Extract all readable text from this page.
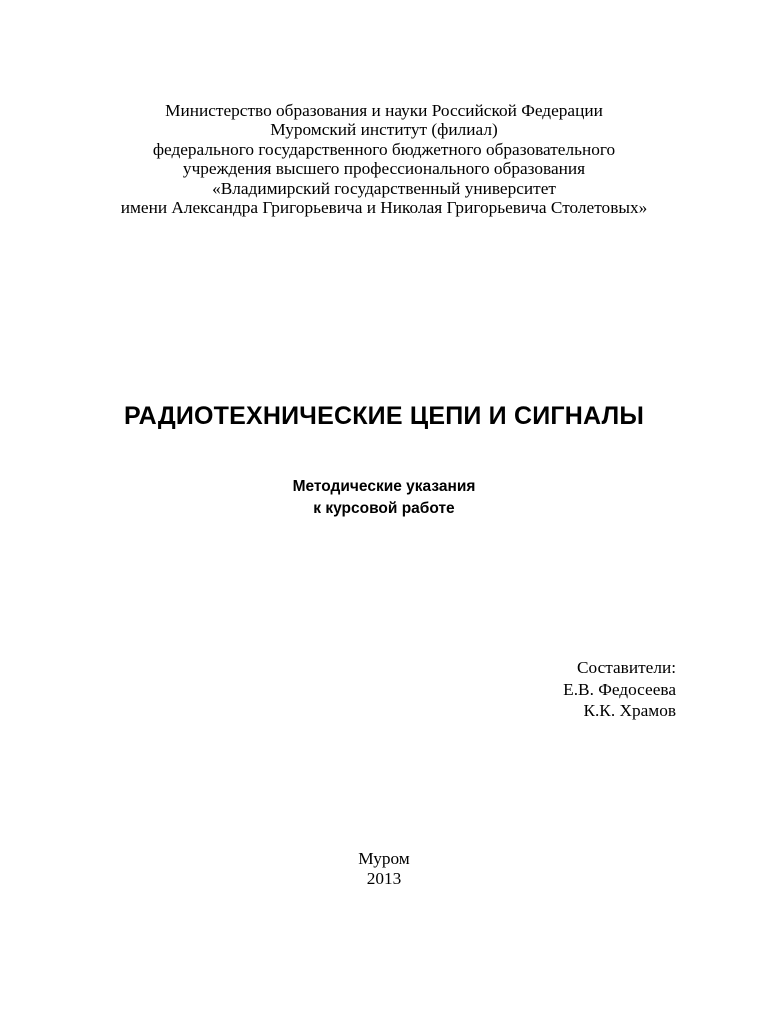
Министерство образования и науки Российской Федерации
Муромский институт (филиал)
федерального государственного бюджетного образовательного
учреждения высшего профессионального образования
«Владимирский государственный университет
имени Александра Григорьевича и Николая Григорьевича Столетовых»
РАДИОТЕХНИЧЕСКИЕ ЦЕПИ И СИГНАЛЫ
Методические указания
к курсовой работе
Составители:
Е.В. Федосеева
К.К. Храмов
Муром
2013
